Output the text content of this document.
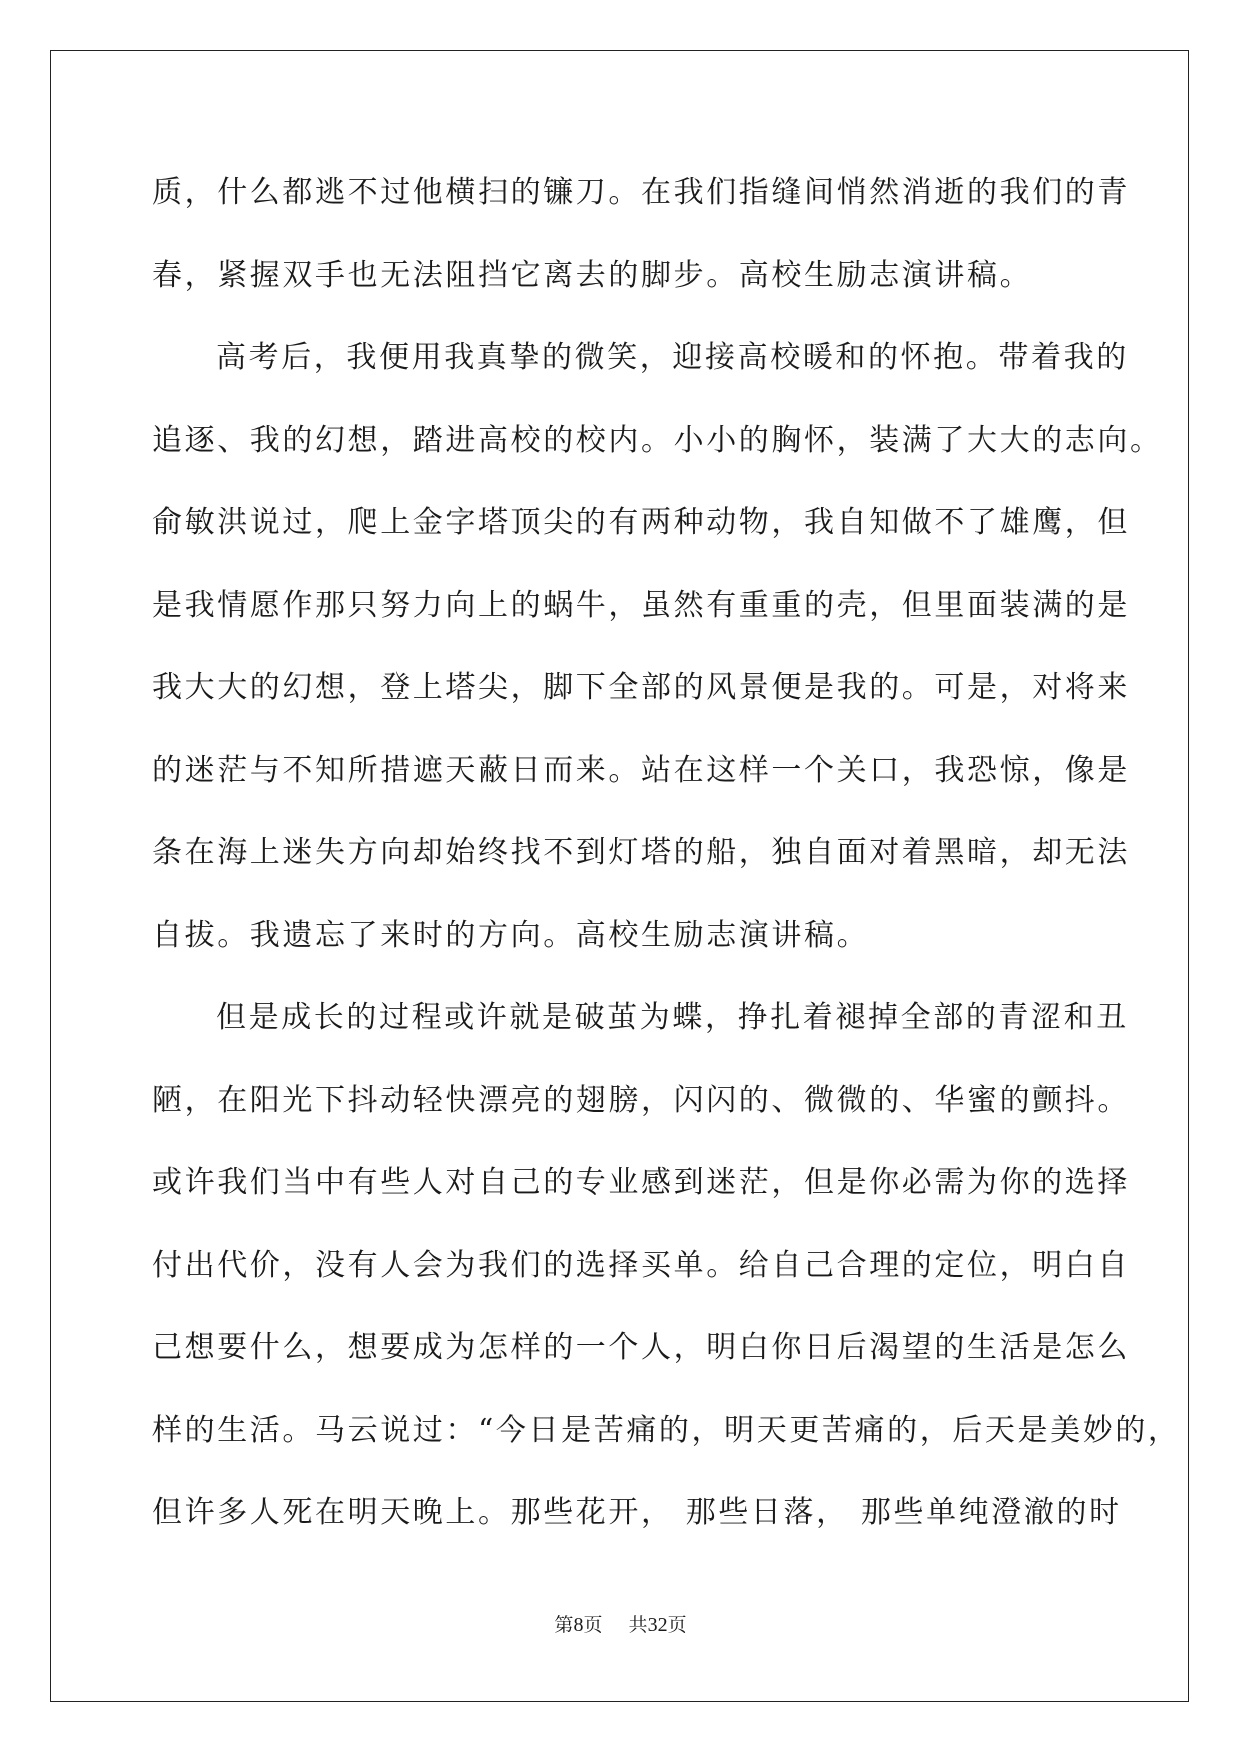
质，什么都逃不过他横扫的镰刀。在我们指缝间悄然消逝的我们的青
春，紧握双手也无法阻挡它离去的脚步。高校生励志演讲稿。
高考后，我便用我真挚的微笑，迎接高校暖和的怀抱。带着我的
追逐、我的幻想，踏进高校的校内。小小的胸怀，装满了大大的志向。
俞敏洪说过，爬上金字塔顶尖的有两种动物，我自知做不了雄鹰，但
是我情愿作那只努力向上的蜗牛，虽然有重重的壳，但里面装满的是
我大大的幻想，登上塔尖，脚下全部的风景便是我的。可是，对将来
的迷茫与不知所措遮天蔽日而来。站在这样一个关口，我恐惊，像是
条在海上迷失方向却始终找不到灯塔的船，独自面对着黑暗，却无法
自拔。我遗忘了来时的方向。高校生励志演讲稿。
但是成长的过程或许就是破茧为蝶，挣扎着褪掉全部的青涩和丑
陋，在阳光下抖动轻快漂亮的翅膀，闪闪的、微微的、华蜜的颤抖。
或许我们当中有些人对自己的专业感到迷茫，但是你必需为你的选择
付出代价，没有人会为我们的选择买单。给自己合理的定位，明白自
己想要什么，想要成为怎样的一个人，明白你日后渴望的生活是怎么
样的生活。马云说过：“今日是苦痛的，明天更苦痛的，后天是美妙的，
但许多人死在明天晚上。那些花开， 那些日落， 那些单纯澄澈的时
第8页 共32页
